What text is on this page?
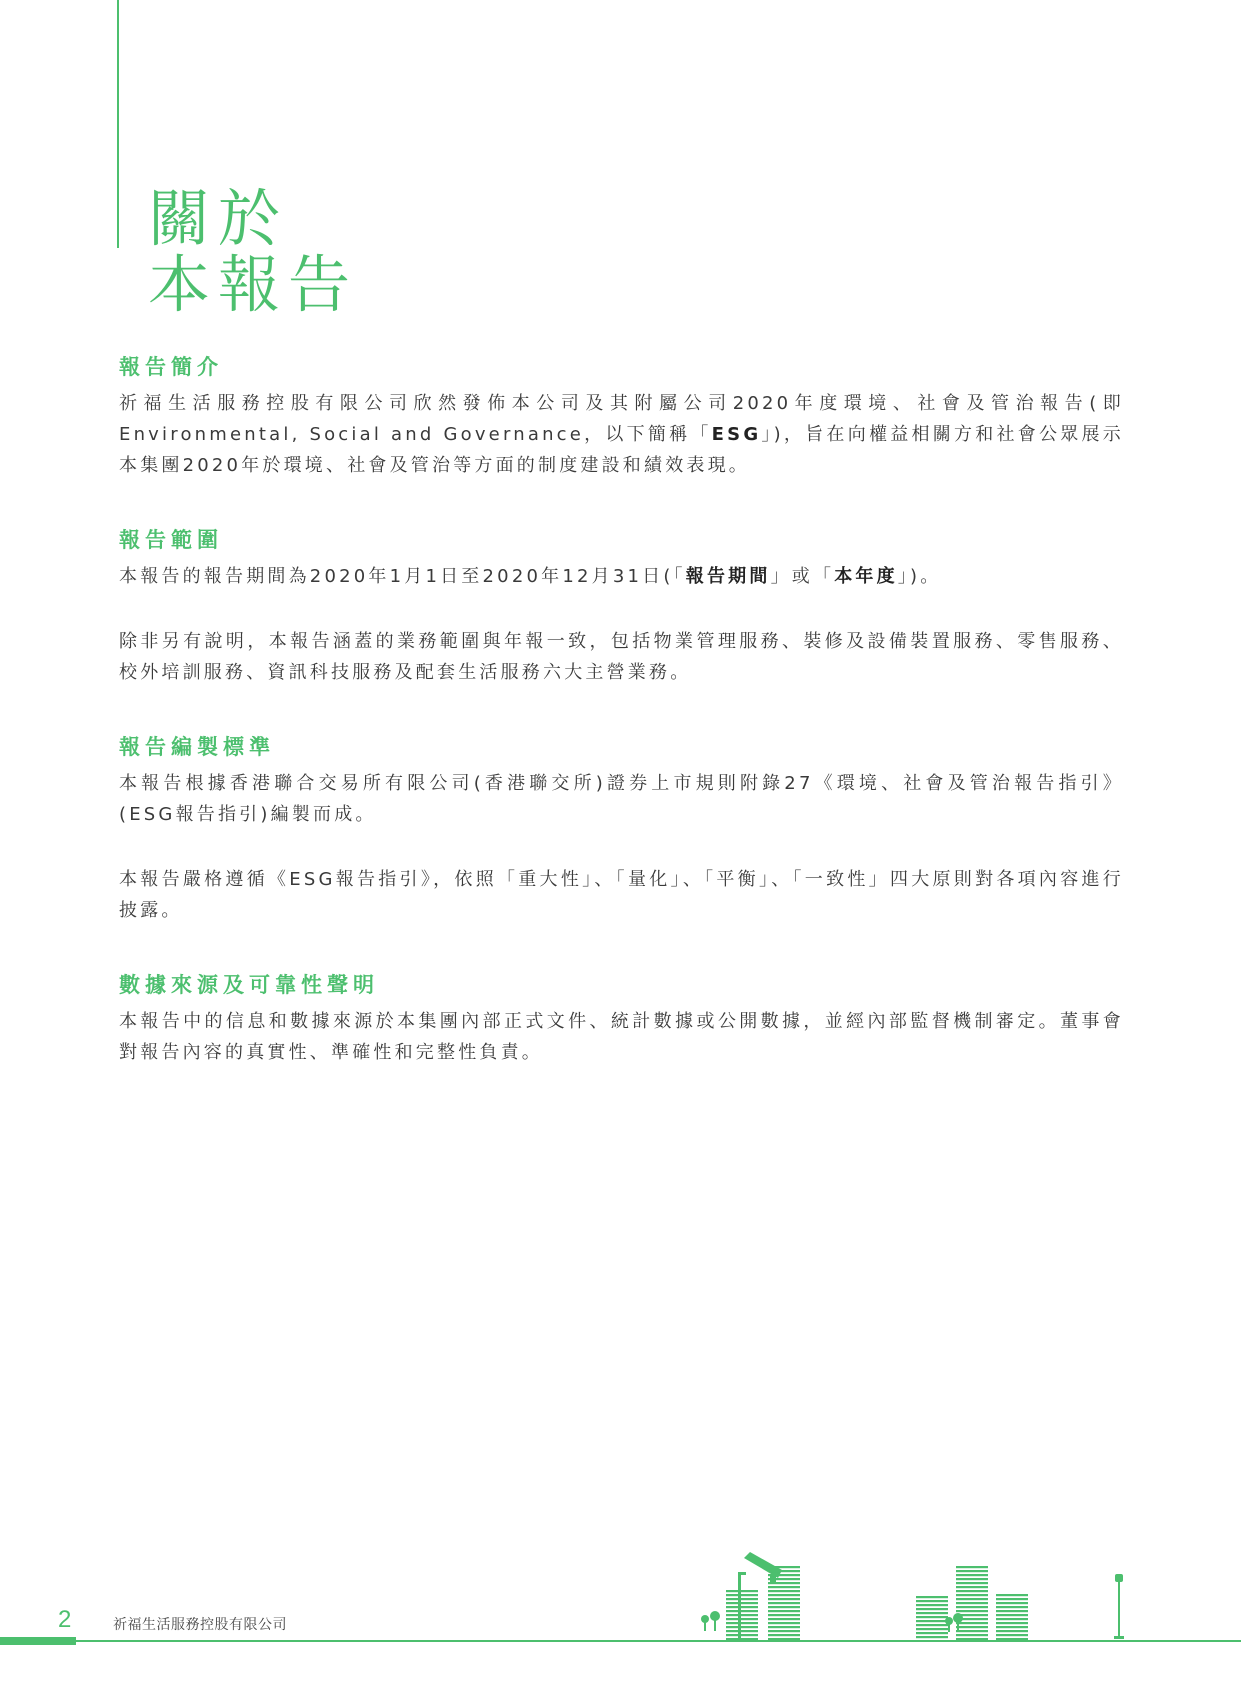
關於
本報告
報告簡介

祈福生活服務控股有限公司欣然發佈本公司及其附屬公司2020年度環境、社會及管治報告(即Environmental, Social and Governance，以下簡稱「ESG」)，旨在向權益相關方和社會公眾展示本集團2020年於環境、社會及管治等方面的制度建設和績效表現。

報告範圍

本報告的報告期間為2020年1月1日至2020年12月31日(「報告期間」或「本年度」)。

除非另有說明，本報告涵蓋的業務範圍與年報一致，包括物業管理服務、裝修及設備裝置服務、零售服務、校外培訓服務、資訊科技服務及配套生活服務六大主營業務。

報告編製標準

本報告根據香港聯合交易所有限公司(香港聯交所)證券上市規則附錄27《環境、社會及管治報告指引》(ESG報告指引)編製而成。

本報告嚴格遵循《ESG報告指引》，依照「重大性」、「量化」、「平衡」、「一致性」四大原則對各項內容進行披露。

數據來源及可靠性聲明

本報告中的信息和數據來源於本集團內部正式文件、統計數據或公開數據，並經內部監督機制審定。董事會對報告內容的真實性、準確性和完整性負責。

2	祈福生活服務控股有限公司
